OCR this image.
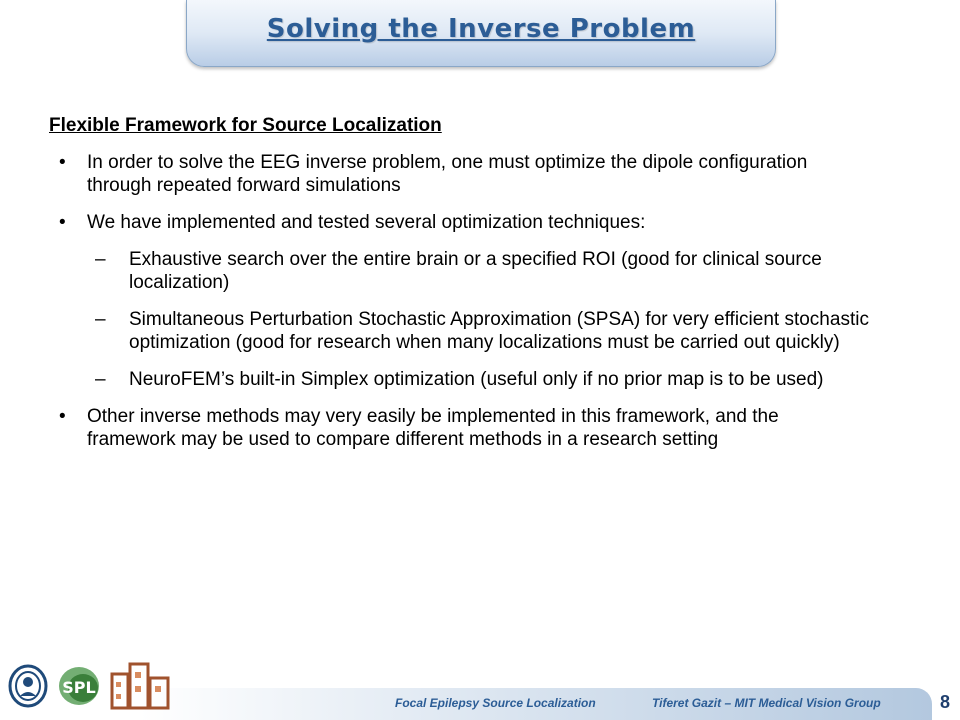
Solving the Inverse Problem
Flexible Framework for Source Localization
• In order to solve the EEG inverse problem, one must optimize the dipole configuration through repeated forward simulations
• We have implemented and tested several optimization techniques:
– Exhaustive search over the entire brain or a specified ROI (good for clinical source localization)
– Simultaneous Perturbation Stochastic Approximation (SPSA) for very efficient stochastic optimization (good for research when many localizations must be carried out quickly)
– NeuroFEM’s built-in Simplex optimization (useful only if no prior map is to be used)
• Other inverse methods may very easily be implemented in this framework, and the framework may be used to compare different methods in a research setting
SPL
Focal Epilepsy Source Localization	Tiferet Gazit – MIT Medical Vision Group	8
